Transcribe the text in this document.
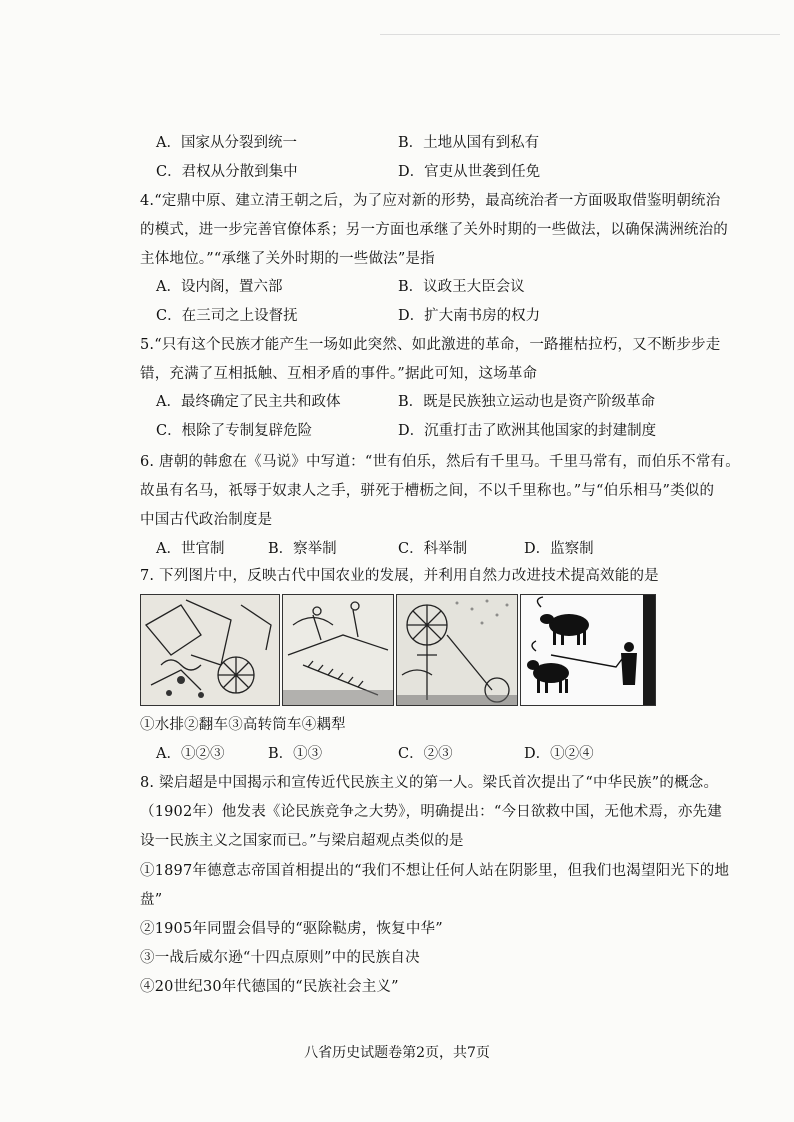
A．国家从分裂到统一	B．土地从国有到私有
C．君权从分散到集中	D．官吏从世袭到任免
4.“定鼎中原、建立清王朝之后，为了应对新的形势，最高统治者一方面吸取借鉴明朝统治
的模式，进一步完善官僚体系；另一方面也承继了关外时期的一些做法，以确保满洲统治的
主体地位。”“承继了关外时期的一些做法”是指
A．设内阁，置六部	B．议政王大臣会议
C．在三司之上设督抚	D．扩大南书房的权力
5.“只有这个民族才能产生一场如此突然、如此激进的革命，一路摧枯拉朽，又不断步步走
错，充满了互相抵触、互相矛盾的事件。”据此可知，这场革命
A．最终确定了民主共和政体	B．既是民族独立运动也是资产阶级革命
C．根除了专制复辟危险	D．沉重打击了欧洲其他国家的封建制度
6. 唐朝的韩愈在《马说》中写道：“世有伯乐，然后有千里马。千里马常有，而伯乐不常有。
故虽有名马，祇辱于奴隶人之手，骈死于槽枥之间，不以千里称也。”与“伯乐相马”类似的
中国古代政治制度是
A．世官制	B．察举制	C．科举制	D．监察制
7. 下列图片中，反映古代中国农业的发展，并利用自然力改进技术提高效能的是
①水排②翻车③高转筒车④耦犁
A．①②③	B．①③	C．②③	D．①②④
8. 梁启超是中国揭示和宣传近代民族主义的第一人。梁氏首次提出了“中华民族”的概念。
（1902年）他发表《论民族竞争之大势》，明确提出：“今日欲救中国，无他术焉，亦先建
设一民族主义之国家而已。”与梁启超观点类似的是
①1897年德意志帝国首相提出的“我们不想让任何人站在阴影里，但我们也渴望阳光下的地
盘”
②1905年同盟会倡导的“驱除鞑虏，恢复中华”
③一战后威尔逊“十四点原则”中的民族自决
④20世纪30年代德国的“民族社会主义”
八省历史试题卷第2页，共7页
